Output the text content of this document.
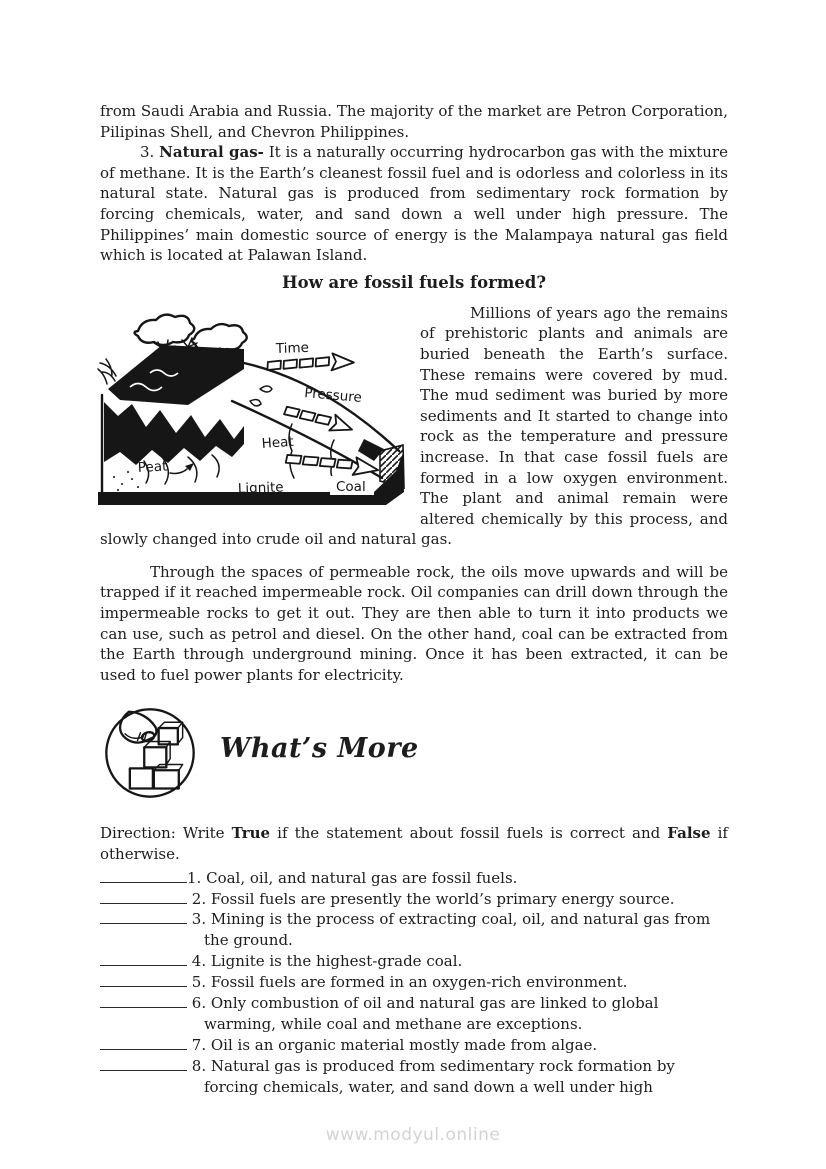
from Saudi Arabia and Russia. The majority of the market are Petron Corporation, Pilipinas Shell, and Chevron Philippines.

3. Natural gas- It is a naturally occurring hydrocarbon gas with the mixture of methane. It is the Earth’s cleanest fossil fuel and is odorless and colorless in its natural state. Natural gas is produced from sedimentary rock formation by forcing chemicals, water, and sand down a well under high pressure. The Philippines’ main domestic source of energy is the Malampaya natural gas field which is located at Palawan Island.

How are fossil fuels formed?
Time
Pressure
Heat
Peat
Lignite	Coal

Millions of years ago the remains of prehistoric plants and animals are buried beneath the Earth’s surface. These remains were covered by mud. The mud sediment was buried by more sediments and It started to change into rock as the temperature and pressure increase. In that case fossil fuels are formed in a low oxygen environment. The plant and animal remain were altered chemically by this process, and slowly changed into crude oil and natural gas.

Through the spaces of permeable rock, the oils move upwards and will be trapped if it reached impermeable rock. Oil companies can drill down through the impermeable rocks to get it out. They are then able to turn it into products we can use, such as petrol and diesel. On the other hand, coal can be extracted from the Earth through underground mining. Once it has been extracted, it can be used to fuel power plants for electricity.

What’s More

Direction: Write True if the statement about fossil fuels is correct and False if otherwise.

1. Coal, oil, and natural gas are fossil fuels.
2. Fossil fuels are presently the world’s primary energy source.
3. Mining is the process of extracting coal, oil, and natural gas from the ground.
4. Lignite is the highest-grade coal.
5. Fossil fuels are formed in an oxygen-rich environment.
6. Only combustion of oil and natural gas are linked to global warming, while coal and methane are exceptions.
7. Oil is an organic material mostly made from algae.
8. Natural gas is produced from sedimentary rock formation by forcing chemicals, water, and sand down a well under high
www.modyul.online
